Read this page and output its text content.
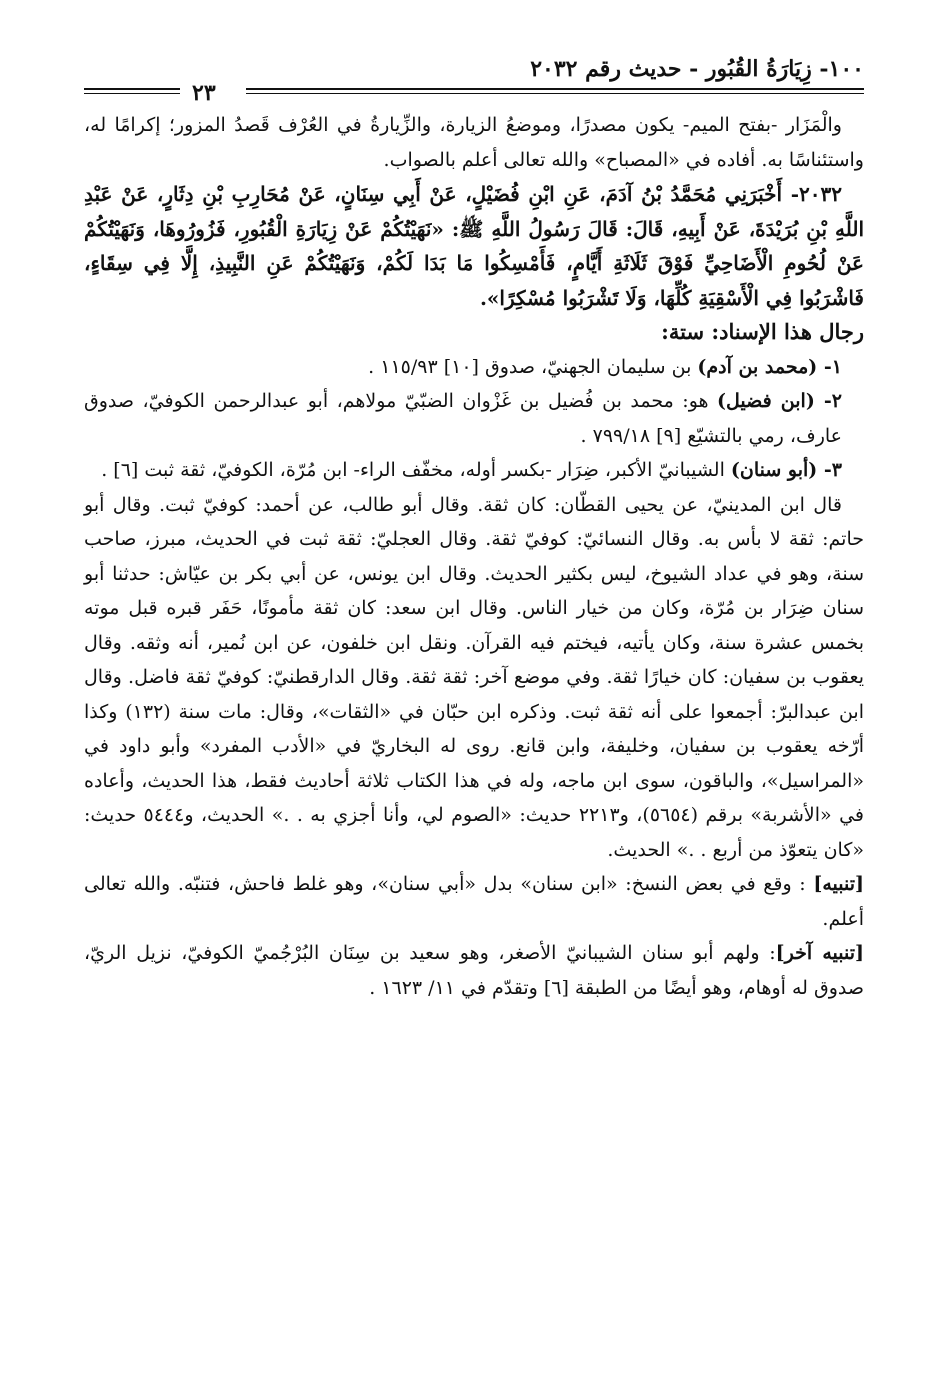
١٠٠- زِيَارَةُ القُبُور - حديث رقم ٢٠٣٢
٢٣

والْمَزَار -بفتح الميم- يكون مصدرًا، وموضعُ الزيارة، والزِّيارةُ في العُرْف قَصدُ المزور؛ إكرامًا له، واستئناسًا به. أفاده في «المصباح» والله تعالى أعلم بالصواب.

٢٠٣٢- أَخْبَرَنِي مُحَمَّدُ بْنُ آدَمَ، عَنِ ابْنِ فُضَيْلٍ، عَنْ أَبِي سِنَانٍ، عَنْ مُحَارِبِ بْنِ دِثَارٍ، عَنْ عَبْدِ اللَّهِ بْنِ بُرَيْدَةَ، عَنْ أَبِيهِ، قَالَ: قَالَ رَسُولُ اللَّهِ ﷺ: «نَهَيْتُكُمْ عَنْ زِيَارَةِ الْقُبُورِ، فَزُورُوهَا، وَنَهَيْتُكُمْ عَنْ لُحُومِ الْأَضَاحِيِّ فَوْقَ ثَلَاثَةِ أَيَّامٍ، فَأَمْسِكُوا مَا بَدَا لَكُمْ، وَنَهَيْتُكُمْ عَنِ النَّبِيذِ، إِلَّا فِي سِقَاءٍ، فَاشْرَبُوا فِي الْأَسْقِيَةِ كُلِّهَا، وَلَا تَشْرَبُوا مُسْكِرًا».

رجال هذا الإسناد: ستة:

١- (محمد بن آدم) بن سليمان الجهنيّ، صدوق [١٠] ١١٥/٩٣ .

٢- (ابن فضيل) هو: محمد بن فُضيل بن غَزْوان الضبّيّ مولاهم، أبو عبدالرحمن الكوفيّ، صدوق عارف، رمي بالتشيّع [٩] ٧٩٩/١٨ .

٣- (أبو سنان) الشيبانيّ الأكبر، ضِرَار -بكسر أوله، مخفّف الراء- ابن مُرّة، الكوفيّ، ثقة ثبت [٦] .

قال ابن المدينيّ، عن يحيى القطّان: كان ثقة. وقال أبو طالب، عن أحمد: كوفيّ ثبت. وقال أبو حاتم: ثقة لا بأس به. وقال النسائيّ: كوفيّ ثقة. وقال العجليّ: ثقة ثبت في الحديث، مبرز، صاحب سنة، وهو في عداد الشيوخ، ليس بكثير الحديث. وقال ابن يونس، عن أبي بكر بن عيّاش: حدثنا أبو سنان ضِرَار بن مُرّة، وكان من خيار الناس. وقال ابن سعد: كان ثقة مأمونًا، حَفَر قبره قبل موته بخمس عشرة سنة، وكان يأتيه، فيختم فيه القرآن. ونقل ابن خلفون، عن ابن نُمير، أنه وثقه. وقال يعقوب بن سفيان: كان خيارًا ثقة. وفي موضع آخر: ثقة ثقة. وقال الدارقطنيّ: كوفيّ ثقة فاضل. وقال ابن عبدالبرّ: أجمعوا على أنه ثقة ثبت. وذكره ابن حبّان في «الثقات»، وقال: مات سنة (١٣٢) وكذا أرّخه يعقوب بن سفيان، وخليفة، وابن قانع. روى له البخاريّ في «الأدب المفرد» وأبو داود في «المراسيل»، والباقون، سوى ابن ماجه، وله في هذا الكتاب ثلاثة أحاديث فقط، هذا الحديث، وأعاده في «الأشربة» برقم (٥٦٥٤)، و٢٢١٣ حديث: «الصوم لي، وأنا أجزي به . .» الحديث، و٥٤٤٤ حديث: «كان يتعوّذ من أربع . .» الحديث.

[تنبيه] : وقع في بعض النسخ: «ابن سنان» بدل «أبي سنان»، وهو غلط فاحش، فتنبّه. والله تعالى أعلم.

[تنبيه آخر]: ولهم أبو سنان الشيبانيّ الأصغر، وهو سعيد بن سِنَان البُرْجُميّ الكوفيّ، نزيل الريّ، صدوق له أوهام، وهو أيضًا من الطبقة [٦] وتقدّم في ١١/ ١٦٢٣ .
